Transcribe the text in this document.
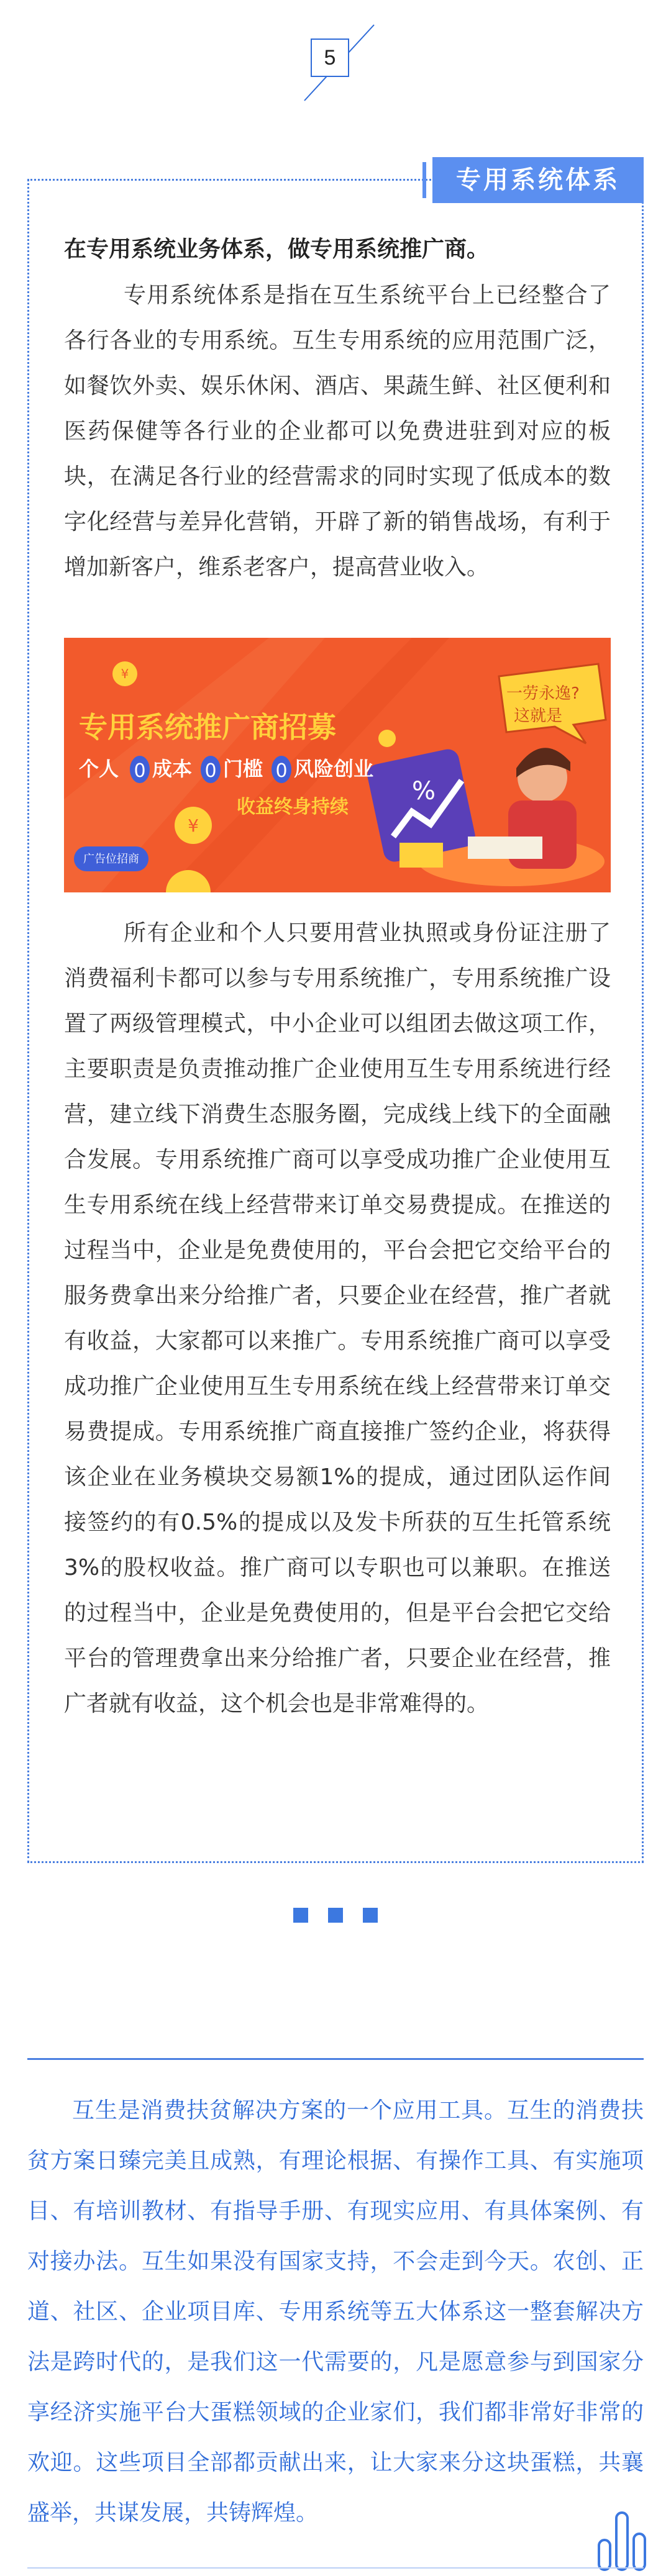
5
专用系统体系
在专用系统业务体系，做专用系统推广商。
专用系统体系是指在互生系统平台上已经整合了各行各业的专用系统。互生专用系统的应用范围广泛，如餐饮外卖、娱乐休闲、酒店、果蔬生鲜、社区便利和医药保健等各行业的企业都可以免费进驻到对应的板块，在满足各行业的经营需求的同时实现了低成本的数字化经营与差异化营销，开辟了新的销售战场，有利于增加新客户，维系老客户，提高营业收入。
¥
¥
%
一劳永逸?
这就是
专用系统推广商招募
个人 0 成本 0 门槛 0 风险创业
收益终身持续
广告位招商
所有企业和个人只要用营业执照或身份证注册了消费福利卡都可以参与专用系统推广，专用系统推广设置了两级管理模式，中小企业可以组团去做这项工作，主要职责是负责推动推广企业使用互生专用系统进行经营，建立线下消费生态服务圈，完成线上线下的全面融合发展。专用系统推广商可以享受成功推广企业使用互生专用系统在线上经营带来订单交易费提成。在推送的过程当中，企业是免费使用的，平台会把它交给平台的服务费拿出来分给推广者，只要企业在经营，推广者就有收益，大家都可以来推广。专用系统推广商可以享受成功推广企业使用互生专用系统在线上经营带来订单交易费提成。专用系统推广商直接推广签约企业，将获得该企业在业务模块交易额1%的提成，通过团队运作间接签约的有0.5%的提成以及发卡所获的互生托管系统3%的股权收益。推广商可以专职也可以兼职。在推送的过程当中，企业是免费使用的，但是平台会把它交给平台的管理费拿出来分给推广者，只要企业在经营，推广者就有收益，这个机会也是非常难得的。
互生是消费扶贫解决方案的一个应用工具。互生的消费扶贫方案日臻完美且成熟，有理论根据、有操作工具、有实施项目、有培训教材、有指导手册、有现实应用、有具体案例、有对接办法。互生如果没有国家支持，不会走到今天。农创、正道、社区、企业项目库、专用系统等五大体系这一整套解决方法是跨时代的，是我们这一代需要的，凡是愿意参与到国家分享经济实施平台大蛋糕领域的企业家们，我们都非常好非常的欢迎。这些项目全部都贡献出来，让大家来分这块蛋糕，共襄盛举，共谋发展，共铸辉煌。
